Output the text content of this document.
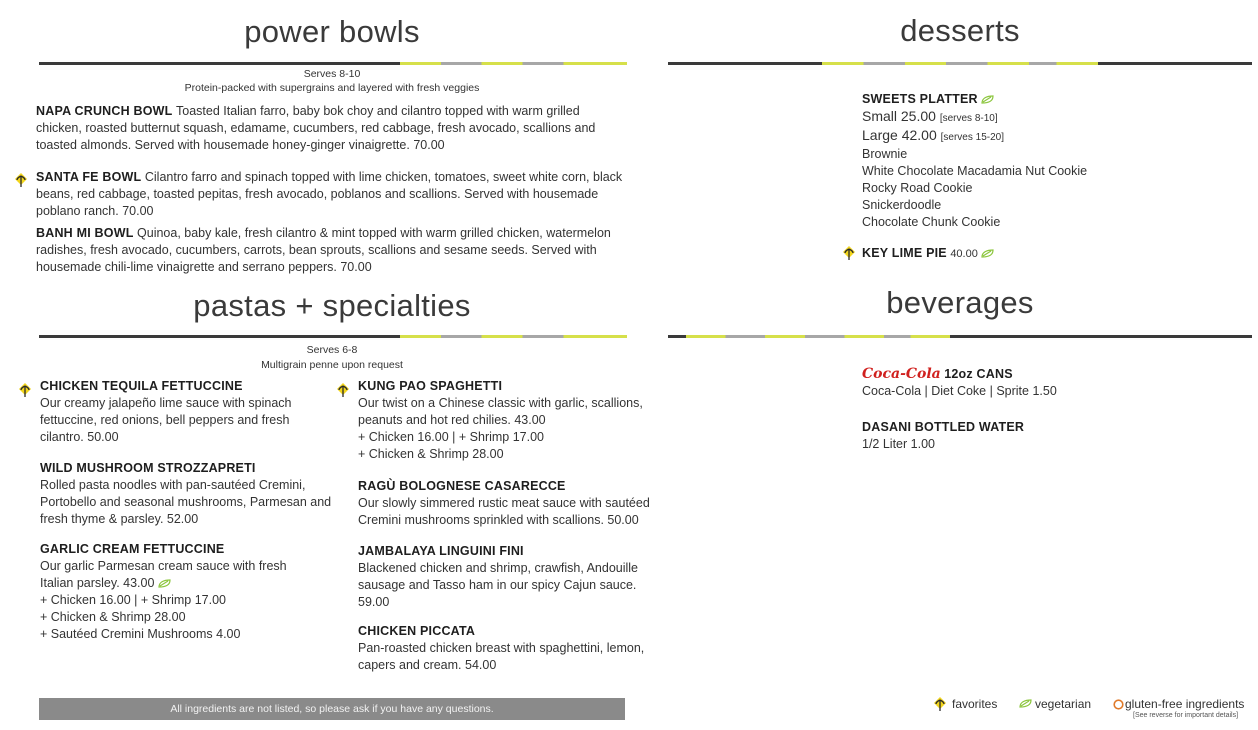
power bowls
Serves 8-10
Protein-packed with supergrains and layered with fresh veggies
NAPA CRUNCH BOWL Toasted Italian farro, baby bok choy and cilantro topped with warm grilled chicken, roasted butternut squash, edamame, cucumbers, red cabbage, fresh avocado, scallions and toasted almonds. Served with housemade honey-ginger vinaigrette. 70.00
SANTA FE BOWL Cilantro farro and spinach topped with lime chicken, tomatoes, sweet white corn, black beans, red cabbage, toasted pepitas, fresh avocado, poblanos and scallions. Served with housemade poblano ranch. 70.00
BANH MI BOWL Quinoa, baby kale, fresh cilantro & mint topped with warm grilled chicken, watermelon radishes, fresh avocado, cucumbers, carrots, bean sprouts, scallions and sesame seeds. Served with housemade chili-lime vinaigrette and serrano peppers. 70.00
pastas + specialties
Serves 6-8
Multigrain penne upon request
CHICKEN TEQUILA FETTUCCINE
Our creamy jalapeño lime sauce with spinach
fettuccine, red onions, bell peppers and fresh
cilantro. 50.00
WILD MUSHROOM STROZZAPRETI
Rolled pasta noodles with pan-sautéed Cremini,
Portobello and seasonal mushrooms, Parmesan and
fresh thyme & parsley. 52.00
GARLIC CREAM FETTUCCINE
Our garlic Parmesan cream sauce with fresh
Italian parsley. 43.00
+ Chicken 16.00 | + Shrimp 17.00
+ Chicken & Shrimp 28.00
+ Sautéed Cremini Mushrooms 4.00
KUNG PAO SPAGHETTI
Our twist on a Chinese classic with garlic, scallions,
peanuts and hot red chilies. 43.00
+ Chicken 16.00 | + Shrimp 17.00
+ Chicken & Shrimp 28.00
RAGÙ BOLOGNESE CASARECCE
Our slowly simmered rustic meat sauce with sautéed
Cremini mushrooms sprinkled with scallions. 50.00
JAMBALAYA LINGUINI FINI
Blackened chicken and shrimp, crawfish, Andouille
sausage and Tasso ham in our spicy Cajun sauce.
59.00
CHICKEN PICCATA
Pan-roasted chicken breast with spaghettini, lemon,
capers and cream. 54.00
All ingredients are not listed, so please ask if you have any questions.
desserts
SWEETS PLATTER
Small 25.00 [serves 8-10]
Large 42.00 [serves 15-20]
Brownie
White Chocolate Macadamia Nut Cookie
Rocky Road Cookie
Snickerdoodle
Chocolate Chunk Cookie
KEY LIME PIE 40.00
beverages
Coca-Cola 12oz CANS
Coca-Cola | Diet Coke | Sprite 1.50
DASANI BOTTLED WATER
1/2 Liter 1.00
favorites	vegetarian	gluten-free ingredients
[See reverse for important details]
